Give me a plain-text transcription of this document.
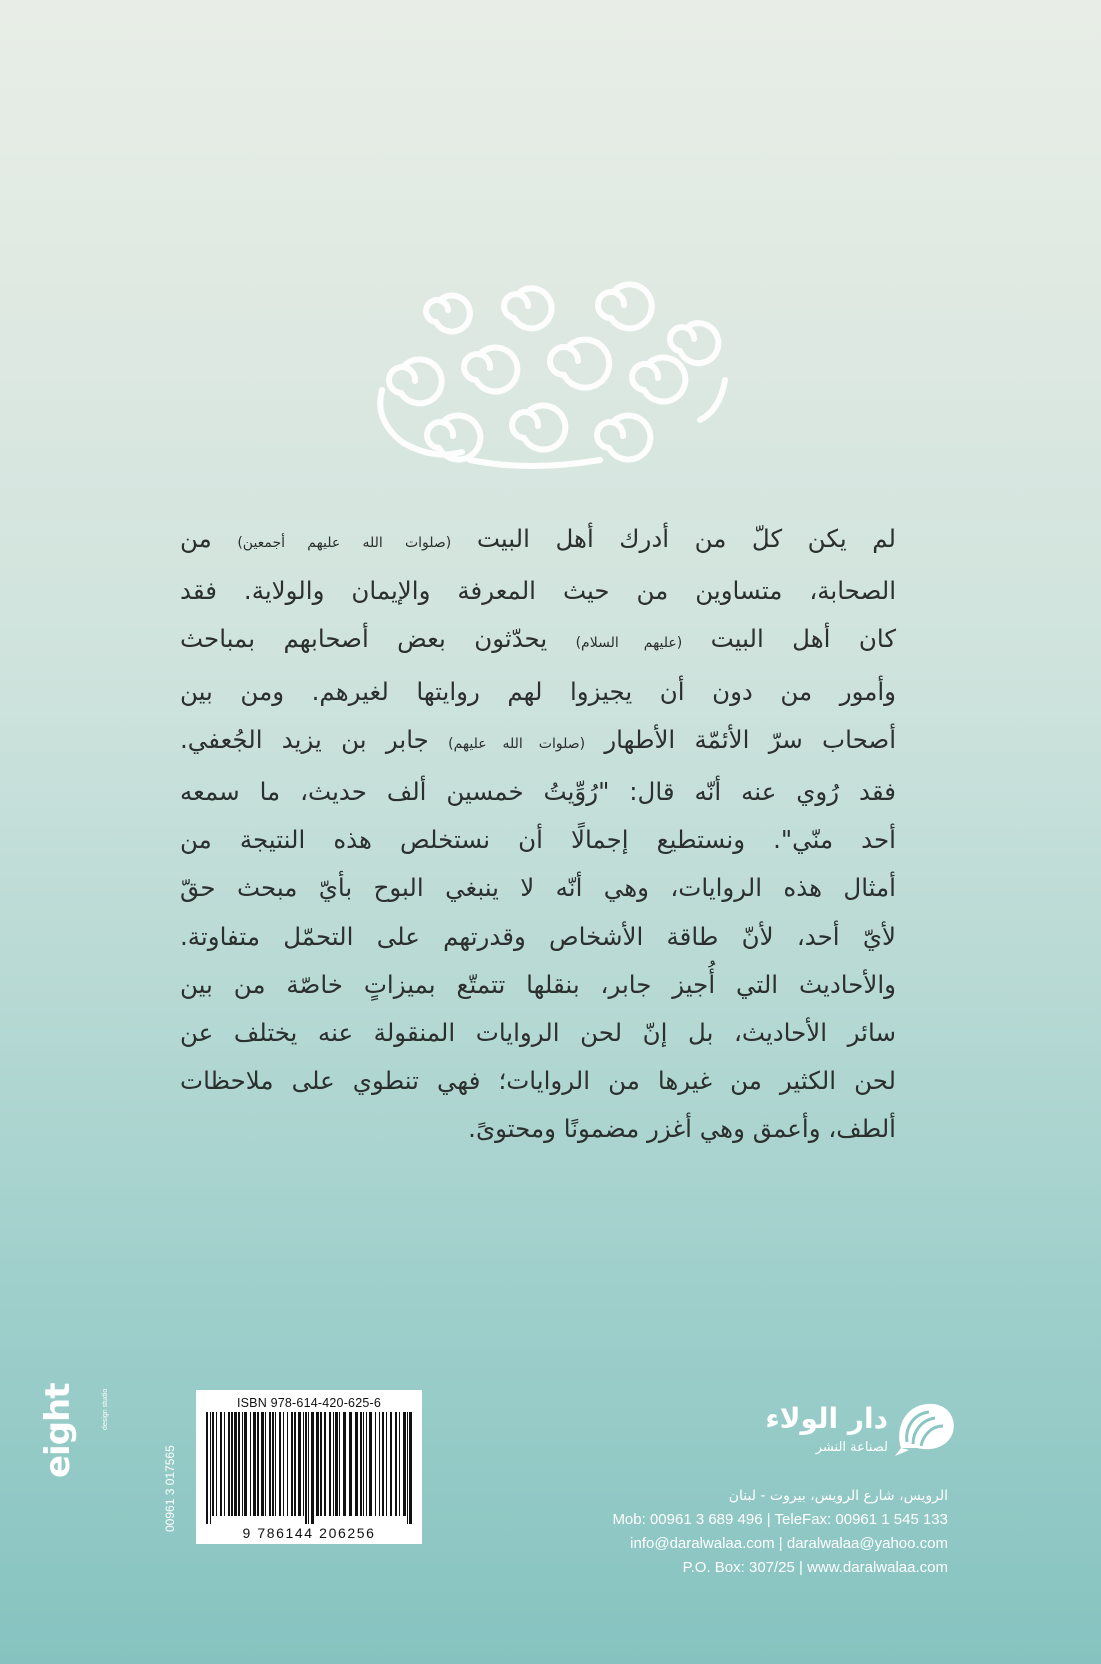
لم يكن كلّ من أدرك أهل البيت (صلوات الله عليهم أجمعين) من
الصحابة، متساوين من حيث المعرفة والإيمان والولاية. فقد
كان أهل البيت (عليهم السلام) يحدّثون بعض أصحابهم بمباحث
وأمور من دون أن يجيزوا لهم روايتها لغيرهم. ومن بين
أصحاب سرّ الأئمّة الأطهار (صلوات الله عليهم) جابر بن يزيد الجُعفي.
فقد رُوي عنه أنّه قال: "رُوِّيتُ خمسين ألف حديث، ما سمعه
أحد منّي". ونستطيع إجمالًا أن نستخلص هذه النتيجة من
أمثال هذه الروايات، وهي أنّه لا ينبغي البوح بأيّ مبحث حقّ
لأيّ أحد، لأنّ طاقة الأشخاص وقدرتهم على التحمّل متفاوتة.
والأحاديث التي أُجيز جابر، بنقلها تتمتّع بميزاتٍ خاصّة من بين
سائر الأحاديث، بل إنّ لحن الروايات المنقولة عنه يختلف عن
لحن الكثير من غيرها من الروايات؛ فهي تنطوي على ملاحظات
ألطف، وأعمق وهي أغزر مضمونًا ومحتوىً.
ISBN 978-614-420-625-6
9 786144 206256
eight	design studio
00961 3 017565
دار الولاء
لصناعة النشر
الرويس، شارع الرويس، بيروت - لبنان
Mob: 00961 3 689 496 | TeleFax: 00961 1 545 133
info@daralwalaa.com | daralwalaa@yahoo.com
P.O. Box: 307/25 | www.daralwalaa.com
